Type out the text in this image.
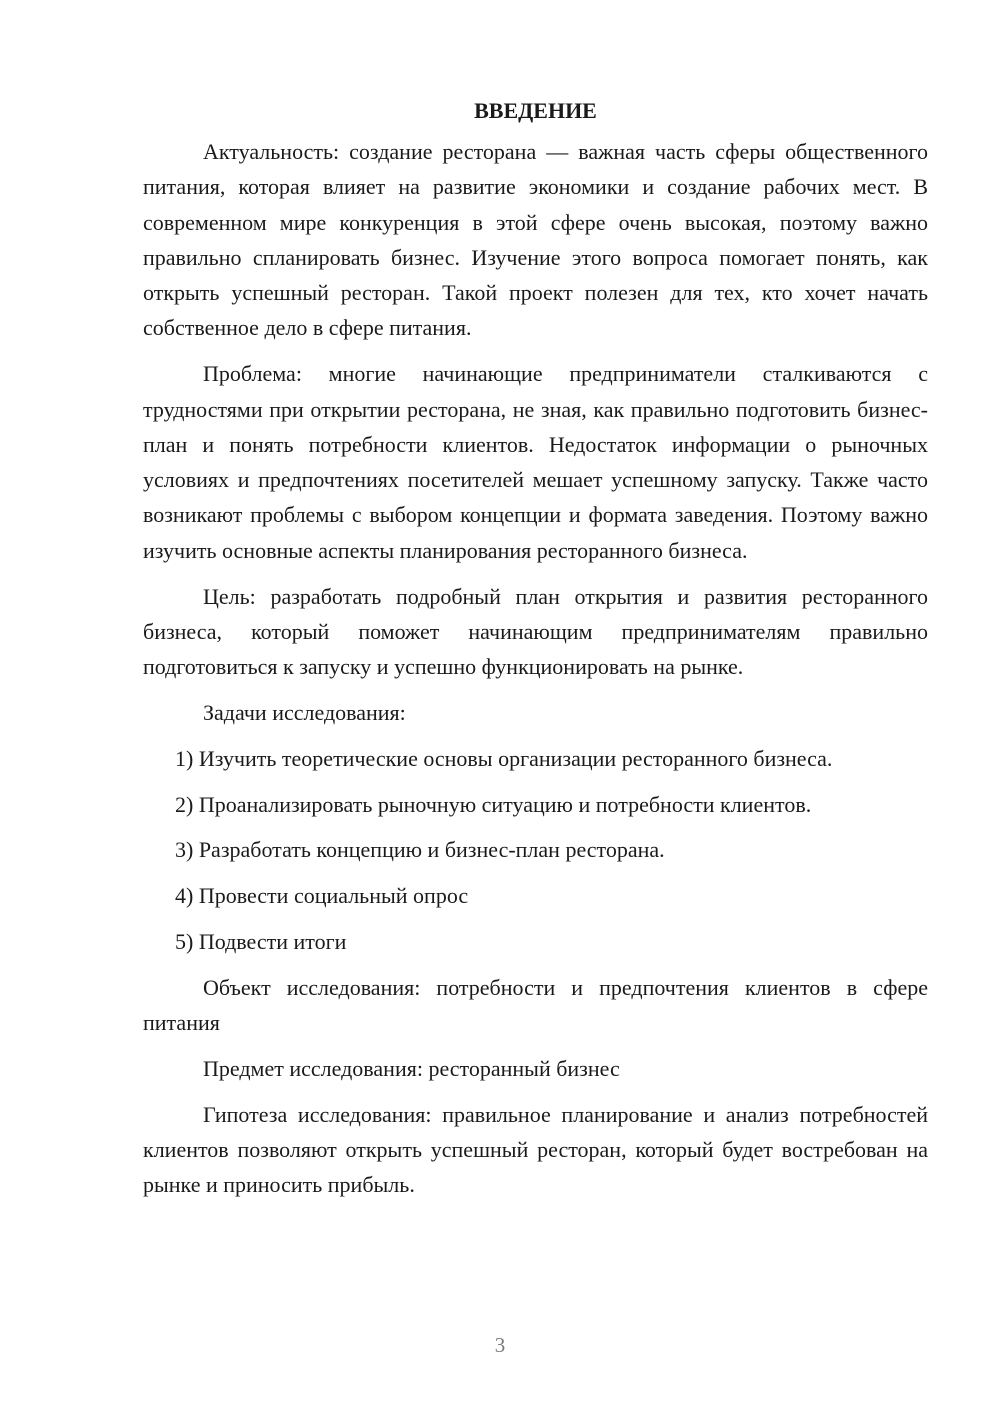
ВВЕДЕНИЕ

Актуальность: создание ресторана — важная часть сферы общественного питания, которая влияет на развитие экономики и создание рабочих мест. В современном мире конкуренция в этой сфере очень высокая, поэтому важно правильно спланировать бизнес. Изучение этого вопроса помогает понять, как открыть успешный ресторан. Такой проект полезен для тех, кто хочет начать собственное дело в сфере питания.

Проблема: многие начинающие предприниматели сталкиваются с трудностями при открытии ресторана, не зная, как правильно подготовить бизнес-план и понять потребности клиентов. Недостаток информации о рыночных условиях и предпочтениях посетителей мешает успешному запуску. Также часто возникают проблемы с выбором концепции и формата заведения. Поэтому важно изучить основные аспекты планирования ресторанного бизнеса.

Цель: разработать подробный план открытия и развития ресторанного бизнеса, который поможет начинающим предпринимателям правильно подготовиться к запуску и успешно функционировать на рынке.

Задачи исследования:

1) Изучить теоретические основы организации ресторанного бизнеса.

2) Проанализировать рыночную ситуацию и потребности клиентов.

3) Разработать концепцию и бизнес-план ресторана.

4) Провести социальный опрос

5) Подвести итоги

Объект исследования: потребности и предпочтения клиентов в сфере питания

Предмет исследования: ресторанный бизнес

Гипотеза исследования: правильное планирование и анализ потребностей клиентов позволяют открыть успешный ресторан, который будет востребован на рынке и приносить прибыль.

3
